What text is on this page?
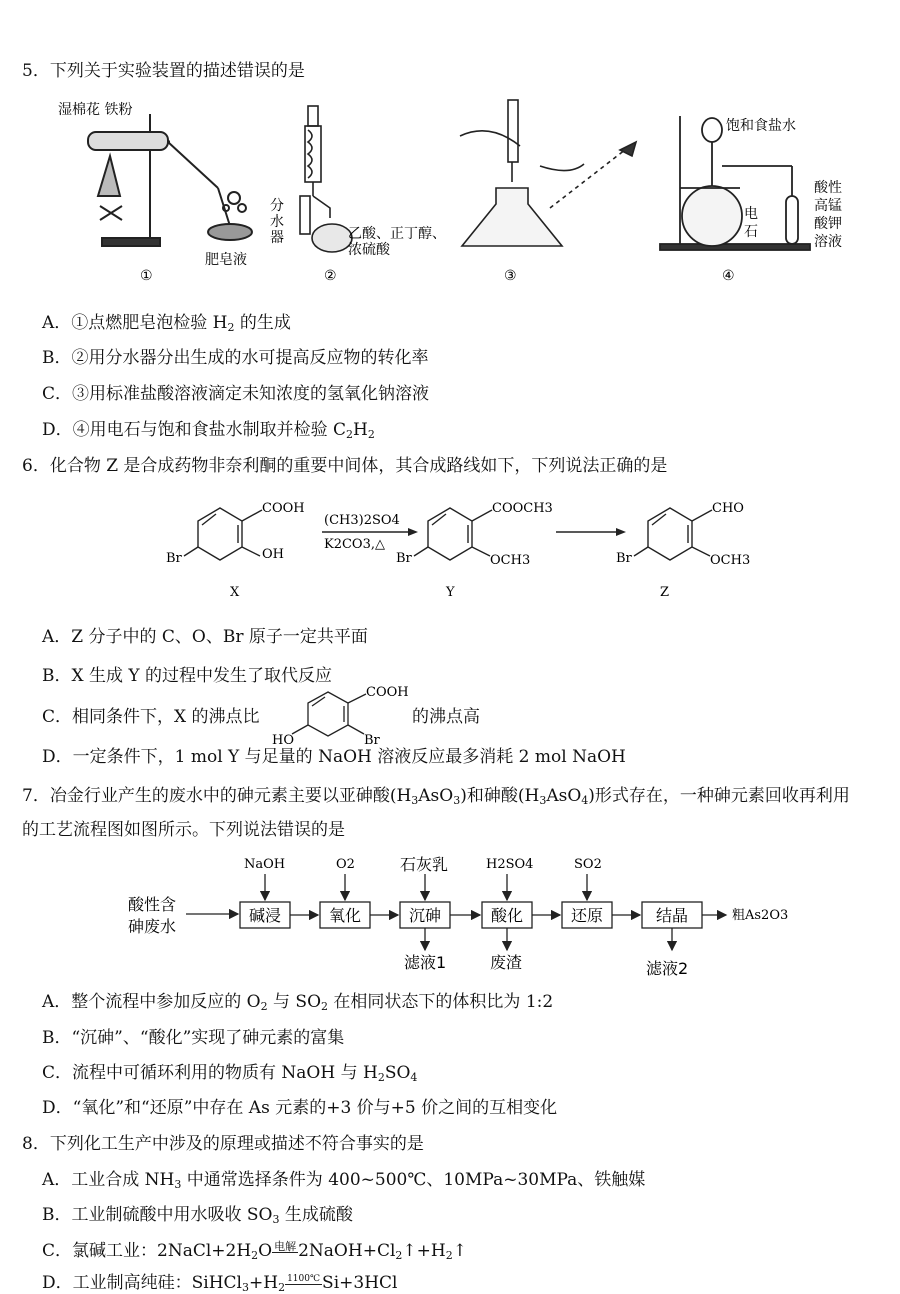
5．下列关于实验装置的描述错误的是
湿棉花 铁粉
肥皂液
①
分
水
器	乙酸、正丁醇、
浓硫酸
②	③
饱和食盐水
电
石
酸性
高锰
酸钾
溶液
④
A．①点燃肥皂泡检验 $H_2$ 的生成
B．②用分水器分出生成的水可提高反应物的转化率
C．③用标准盐酸溶液滴定未知浓度的氢氧化钠溶液
D．④用电石与饱和食盐水制取并检验 $C_2H_2$
6．化合物 Z 是合成药物非奈利酮的重要中间体，其合成路线如下，下列说法正确的是
COOH
OH
Br
X
(CH3)2SO4
K2CO3,△
COOCH3
OCH3
Br
Y
CHO
OCH3
Br
Z
A．Z 分子中的 C、O、Br 原子一定共平面
B．X 生成 Y 的过程中发生了取代反应
C．相同条件下，X 的沸点比
COOH
Br
HO
的沸点高
D．一定条件下，1 mol Y 与足量的 NaOH 溶液反应最多消耗 2 mol NaOH
7．冶金行业产生的废水中的砷元素主要以亚砷酸$(H_3AsO_3)$和砷酸$(H_3AsO_4)$形式存在，一种砷元素回收再利用
的工艺流程图如图所示。下列说法错误的是
酸性含
砷废水
碱浸	氧化	沉砷	酸化	还原	结晶
NaOH	O2	石灰乳	H2SO4	SO2
滤液1	废渣	滤液2
粗As2O3
A．整个流程中参加反应的 $O_2$ 与 $SO_2$ 在相同状态下的体积比为 1:2
B．“沉砷”、“酸化”实现了砷元素的富集
C．流程中可循环利用的物质有 NaOH 与 $H_2SO_4$
D．“氧化”和“还原”中存在 As 元素的+3 价与+5 价之间的互相变化
8．下列化工生产中涉及的原理或描述不符合事实的是
A．工业合成 $NH_3$ 中通常选择条件为 400~500℃、10MPa~30MPa、铁触媒
B．工业制硫酸中用水吸收 $SO_3$ 生成硫酸
C．氯碱工业：$2NaCl+2H_2O$ 电解 $2NaOH+Cl_2↑+H_2↑$
D．工业制高纯硅：$SiHCl_3+H_21100℃$ Si+3HCl
